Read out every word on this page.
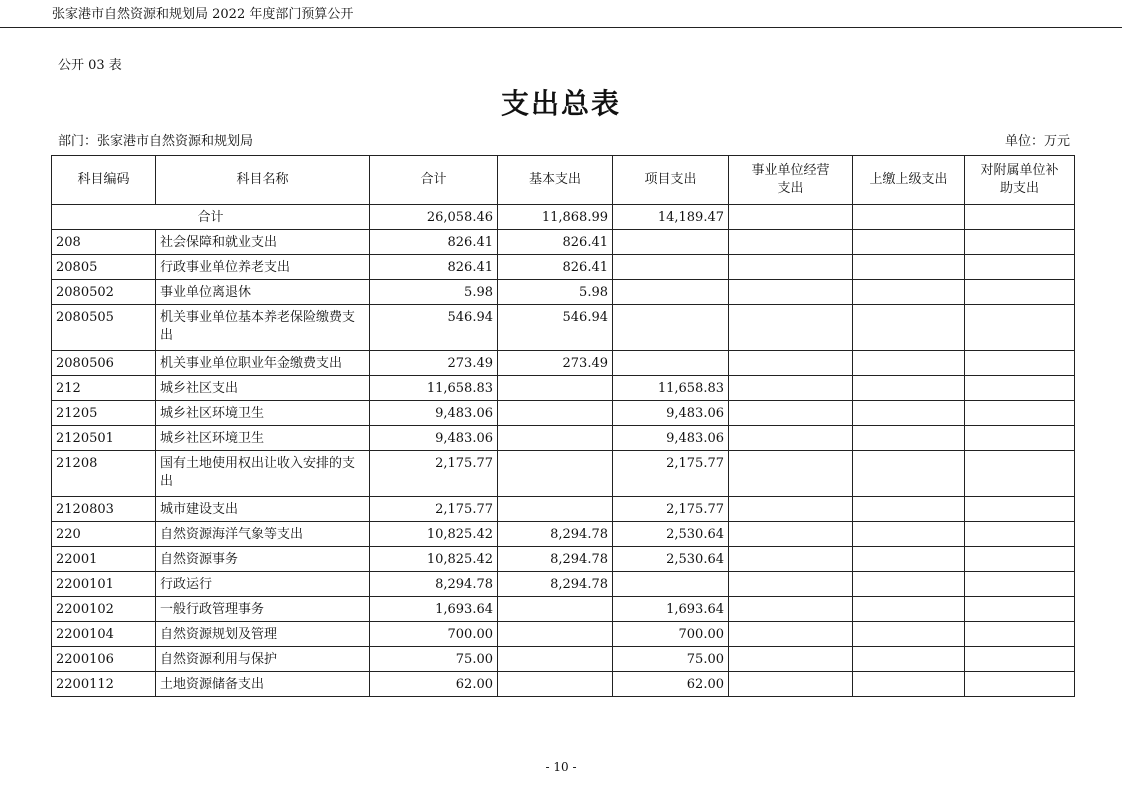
张家港市自然资源和规划局 2022 年度部门预算公开
公开 03 表
支出总表
部门：张家港市自然资源和规划局	单位：万元
科目编码	科目名称	合计	基本支出	项目支出	事业单位经营支出	上缴上级支出	对附属单位补助支出
合计		26,058.46	11,868.99	14,189.47			
208	社会保障和就业支出	826.41	826.41				
20805	行政事业单位养老支出	826.41	826.41				
2080502	事业单位离退休	5.98	5.98				
2080505	机关事业单位基本养老保险缴费支出	546.94	546.94				
2080506	机关事业单位职业年金缴费支出	273.49	273.49				
212	城乡社区支出	11,658.83		11,658.83			
21205	城乡社区环境卫生	9,483.06		9,483.06			
2120501	城乡社区环境卫生	9,483.06		9,483.06			
21208	国有土地使用权出让收入安排的支出	2,175.77		2,175.77			
2120803	城市建设支出	2,175.77		2,175.77			
220	自然资源海洋气象等支出	10,825.42	8,294.78	2,530.64			
22001	自然资源事务	10,825.42	8,294.78	2,530.64			
2200101	行政运行	8,294.78	8,294.78				
2200102	一般行政管理事务	1,693.64		1,693.64			
2200104	自然资源规划及管理	700.00		700.00			
2200106	自然资源利用与保护	75.00		75.00			
2200112	土地资源储备支出	62.00		62.00			
- 10 -
